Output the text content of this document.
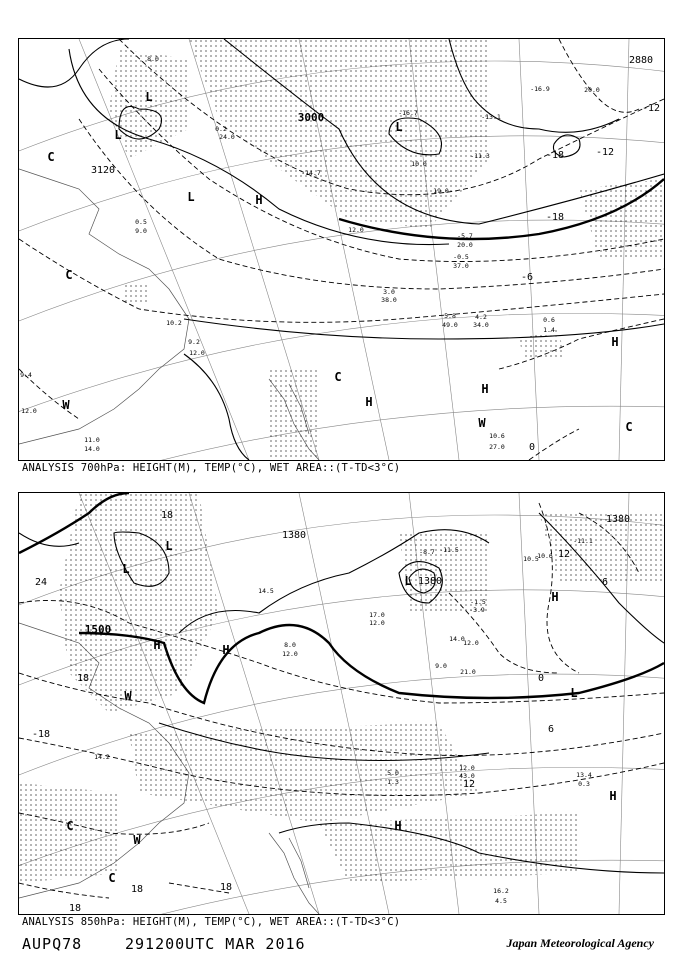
L
L
L
H
H
H
H
C
C
C
C
W
W
L
3000
3120
2880
-12
-12
-18
-18
-6
0
8.0
0.2
24.0
-14.7
19.0
12.0
3.0
38.0
5.8
49.0
4.2
34.0
0.6
1.4
10.6
27.0
11.0
14.0
9.4
12.0
-0.5
37.0
-5.7
20.0
0.5
9.0
10.2
9.2
12.0
-13.1
-16.7
10.0
-11.3
-16.9	20.0
ANALYSIS 700hPa: HEIGHT(M), TEMP(°C), WET AREA::(T-TD<3°C)
L
L
L
L
H	H
H
H
H
W
W
C
C
1500
1380
1380
1380
24
18
18
18	18
18
-18
12
12
6
6
0
17.0
12.0
-8.7
14.0
21.0
12.0
43.0	13.4
0.3
5.0
1.3
16.2
4.5
14.5
8.0
12.0
9.0
-11.5
-3.9
12.0
10.6
14.2
-11.1
10.5
-1.5
ANALYSIS 850hPa: HEIGHT(M), TEMP(°C), WET AREA::(T-TD<3°C)
AUPQ78	291200UTC MAR 2016	Japan Meteorological Agency
